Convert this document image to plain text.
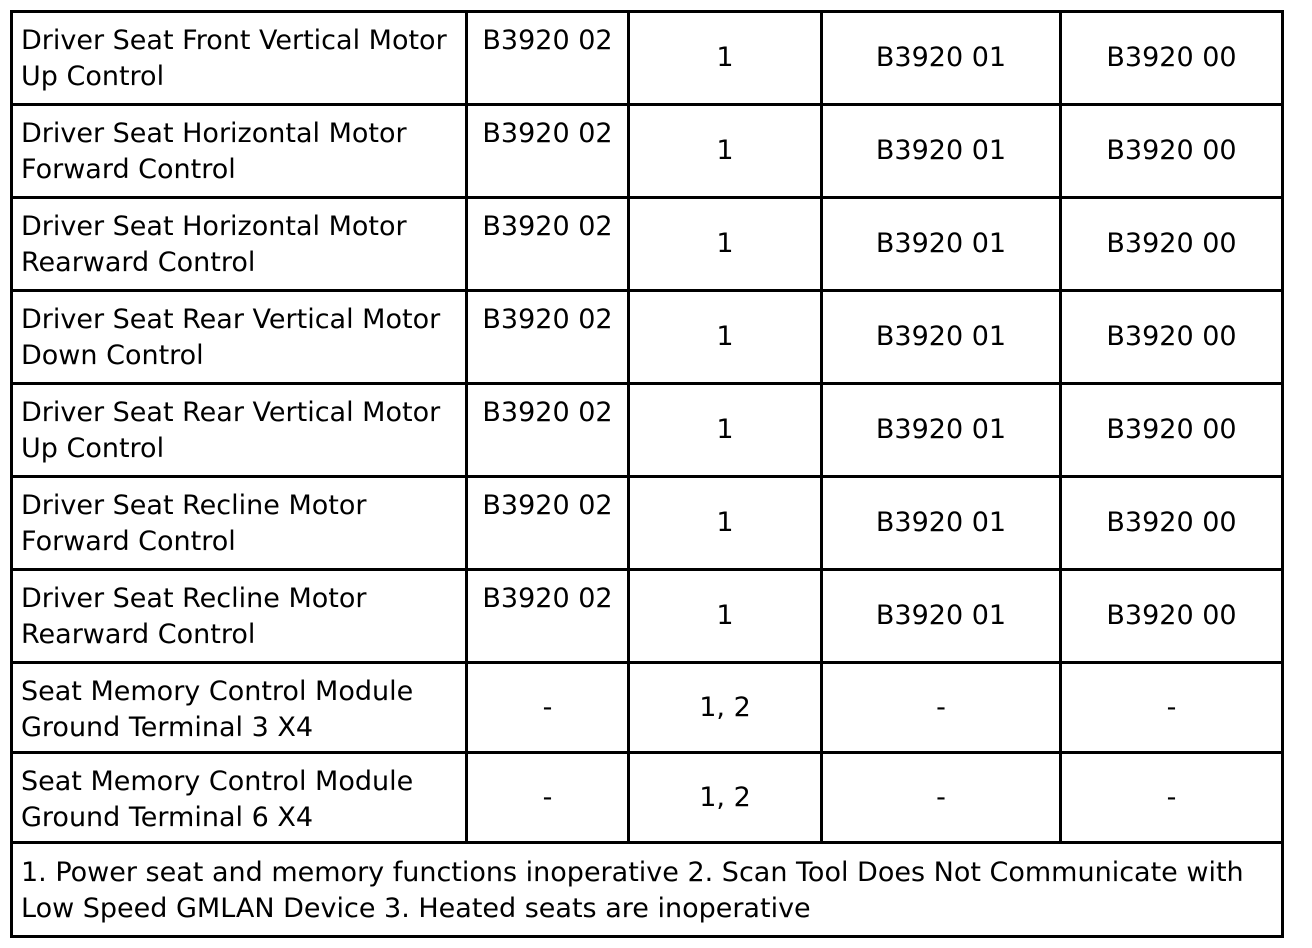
Driver Seat Front Vertical Motor Up Control	B3920 02	1	B3920 01	B3920 00
Driver Seat Horizontal Motor Forward Control	B3920 02	1	B3920 01	B3920 00
Driver Seat Horizontal Motor Rearward Control	B3920 02	1	B3920 01	B3920 00
Driver Seat Rear Vertical Motor Down Control	B3920 02	1	B3920 01	B3920 00
Driver Seat Rear Vertical Motor Up Control	B3920 02	1	B3920 01	B3920 00
Driver Seat Recline Motor Forward Control	B3920 02	1	B3920 01	B3920 00
Driver Seat Recline Motor Rearward Control	B3920 02	1	B3920 01	B3920 00
Seat Memory Control Module Ground Terminal 3 X4	-	1, 2	-	-
Seat Memory Control Module Ground Terminal 6 X4	-	1, 2	-	-
1. Power seat and memory functions inoperative 2. Scan Tool Does Not Communicate with Low Speed GMLAN Device 3. Heated seats are inoperative				
